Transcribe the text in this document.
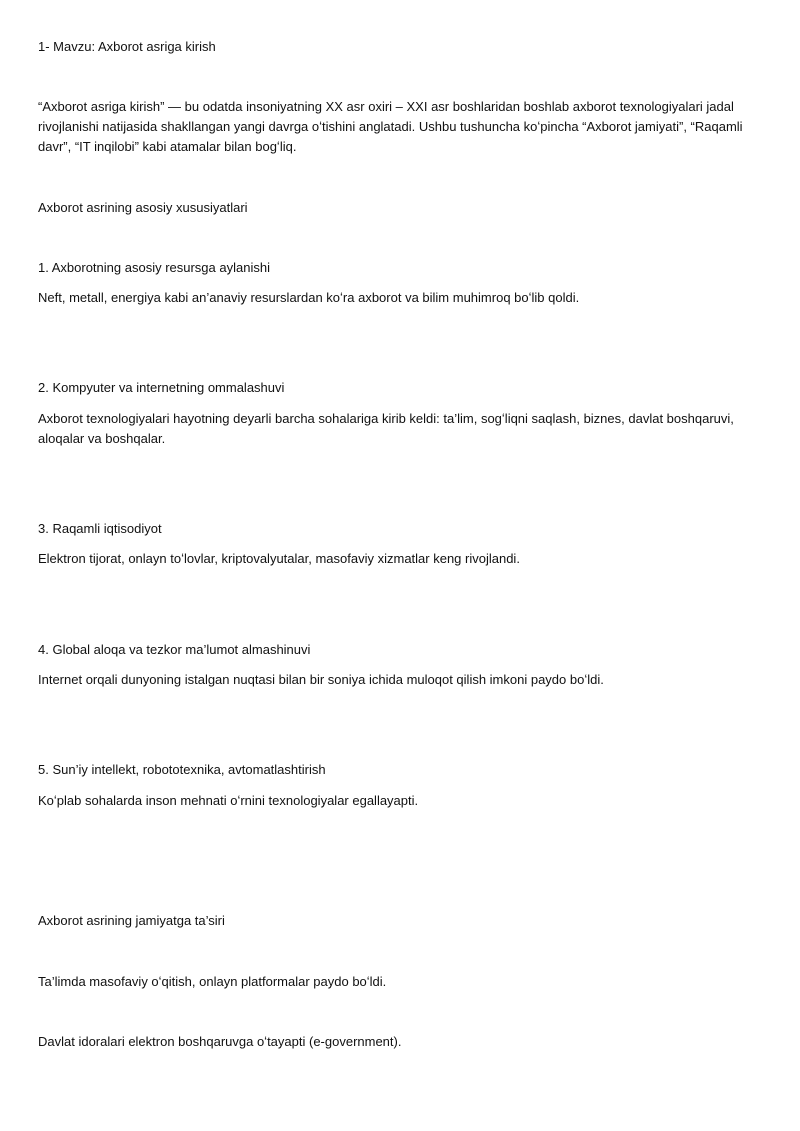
1- Mavzu: Axborot asriga kirish

“Axborot asriga kirish” — bu odatda insoniyatning XX asr oxiri – XXI asr boshlaridan boshlab axborot texnologiyalari jadal rivojlanishi natijasida shakllangan yangi davrga oʻtishini anglatadi. Ushbu tushuncha koʻpincha “Axborot jamiyati”, “Raqamli davr”, “IT inqilobi” kabi atamalar bilan bogʻliq.

Axborot asrining asosiy xususiyatlari

1. Axborotning asosiy resursga aylanishi

Neft, metall, energiya kabi an’anaviy resurslardan koʻra axborot va bilim muhimroq boʻlib qoldi.

2. Kompyuter va internetning ommalashuvi

Axborot texnologiyalari hayotning deyarli barcha sohalariga kirib keldi: ta’lim, sogʻliqni saqlash, biznes, davlat boshqaruvi, aloqalar va boshqalar.

3. Raqamli iqtisodiyot

Elektron tijorat, onlayn toʻlovlar, kriptovalyutalar, masofaviy xizmatlar keng rivojlandi.

4. Global aloqa va tezkor ma’lumot almashinuvi

Internet orqali dunyoning istalgan nuqtasi bilan bir soniya ichida muloqot qilish imkoni paydo boʻldi.

5. Sun’iy intellekt, robototexnika, avtomatlashtirish

Koʻplab sohalarda inson mehnati oʻrnini texnologiyalar egallayapti.

Axborot asrining jamiyatga ta’siri

Ta’limda masofaviy oʻqitish, onlayn platformalar paydo boʻldi.

Davlat idoralari elektron boshqaruvga oʻtayapti (e-government).
